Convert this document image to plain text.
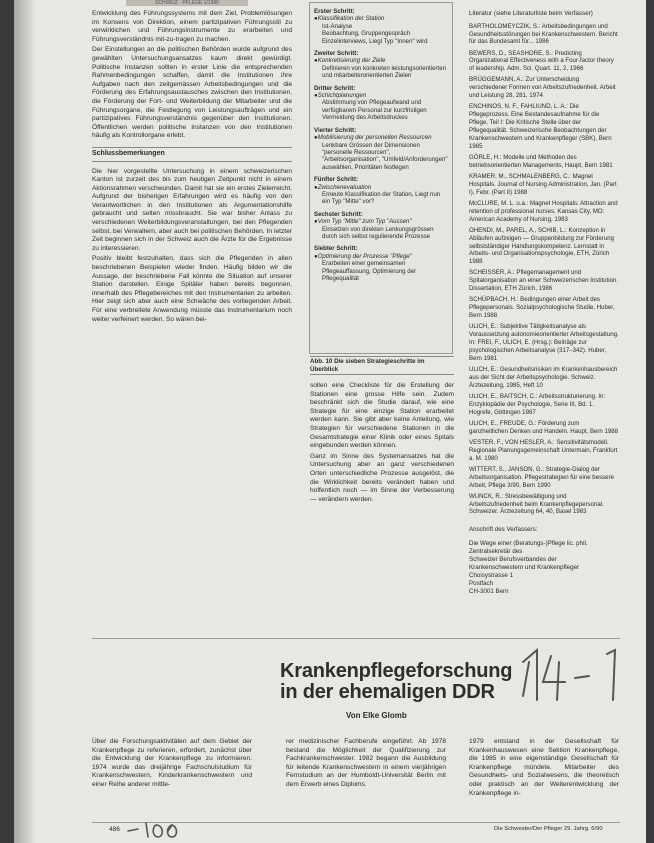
SCHWEIZ · PFLEGE 1/1990

Entwicklung des Führungssystems mit dem Ziel, Problemlösungen im Konsens von Direktion, einem partizipativen Führungsstil zu verwirklichen und Führungsinstrumente zu erarbeiten und Führungsverständnis mit-zu-tragen zu machen.

Der Einstellungen an die politischen Behörden wurde aufgrund des gewählten Untersuchungsansatzes kaum direkt gewürdigt. Politische Instanzen sollten in erster Linie die entsprechenden Rahmenbedingungen schaffen, damit die Institutionen ihre Aufgaben nach den zeitgemässen Arbeitsbedingungen und die Förderung des Erfahrungsaustausches zwischen den Institutionen, die Förderung der Fort- und Weiterbildung der Mitarbeiter und die Führungsorgane, die Festlegung von Leistungsaufträgen und ein partizipatives Führungsverständnis gegenüber den Institutionen. Öffentlichen werden politische Instanzen von den Institutionen häufig als Kontrollorgane erlebt.

Schlussbemerkungen

Die hier vorgestellte Untersuchung in einem schweizerischen Kanton ist zurzeit des bis zum heutigen Zeitpunkt nicht in einem Aktionsrahmen verschwunden. Damit hat sie ein erstes Zielerreicht. Aufgrund der bisherigen Erfahrungen wird es häufig von den Verantwortlichen in den Institutionen als Argumentationshilfe gebraucht und selten missbraucht. Sie war bisher Anlass zu verschiedenen Weiterbildungsveranstaltungen, bei den Pflegenden selbst, bei Verwaltern, aber auch bei politischen Behörden. In letzter Zeit beginnen sich in der Schweiz auch die Ärzte für die Ergebnisse zu interessieren.

Positiv bleibt festzuhalten, dass sich die Pflegenden in allen beschriebenen Beispielen wieder finden. Häufig bilden wir die Aussage, der beschriebene Fall könnte die Situation auf unserer Station darstellen. Einige Spitäler haben bereits begonnen, innerhalb des Pflegebereiches mit den Instrumentarien zu arbeiten. Hier zeigt sich aber auch eine Schwäche des vorliegenden Arbeit. Für eine verbreitete Anwendung müsste das Instrumentarium noch weiter verfeinert werden. So wären bei-

Erster Schritt:
● Klassifikation der Station
Ist-Analyse
Beobachtung, Gruppengespräch
Einzelinterviews, Liegl Typ "Innen" wird
Zweiter Schritt:
● Konkretisierung der Ziele
Definieren von konkreten leistungsorientierten und mitarbeiterorientierten Zielen
Dritter Schritt:
● Schichtplanungen
Abstimmung von Pflegeaufwand und verfügbarem Personal zur kurzfristigen Vermeidung des Arbeitsdruckes
Vierter Schritt:
● Mobilisierung der personellen Ressourcen
Lenkbare Grössen der Dimensionen "personelle Ressourcen", "Arbeitsorganisation", "Umfeld/Anforderungen" auswählen, Prioritäten festlegen
Fünfter Schritt:
● Zwischenevaluation
Erneute Klassifikation der Station, Liegt nun ein Typ "Mitte" vor?
Sechster Schritt:
● Vom Typ "Mitte" zum Typ "Aussen"
Einsetzen von direkten Lenkungsgrössen durch sich selbst regulierende Prozesse
Siebter Schritt:
● Optimierung der Prozesse "Pflege"
Erarbeiten einer gemeinsamen Pflegeauffassung, Optimierung der Pflegequalität
Abb. 10 Die sieben Strategieschritte im Überblick

sollen eine Checkliste für die Erstellung der Stationen eine grosse Hilfe sein. Zudem beschränkt sich die Studie darauf, wie eine Strategie für eine einzige Station erarbeitet werden kann. Sie gibt aber keine Anleitung, wie Strategien für verschiedene Stationen in die Gesamtstrategie einer Klinik oder eines Spitals eingebunden werden können.

Ganz im Sinne des Systemansatzes hat die Untersuchung aber an ganz verschiedenen Orten unterschiedliche Prozesse ausgelöst, die die Wirklichkeit bereits verändert haben und hoffentlich noch — im Sinne der Verbesserung — verändern werden.

Literatur (siehe Literaturliste beim Verfasser)
BARTHOLOMEYCZIK, S.: Arbeitsbedingungen und Gesundheitsstörungen bei Krankenschwestern. Bericht für das Bundesamt für... 1986
BEWERS, D., SEASHORE, S.: Predicting Organizational Effectiveness with a Four-factor theory of leadership. Adm. Sci. Quart. 11, 2, 1966
BRÜGGEMANN, A.: Zur Unterscheidung verschiedener Formen von Arbeitszufriedenheit. Arbeit und Leistung 28, 281, 1974
ENCHINOS, N. F., FAHLIUND, L. A.: Die Pflegeprozess. Eine Bestandesaufnahme für die Pflege, Teil I: Die Kritische Stelle über der Pflegequalität. Schweizerische Beobachtungen der Krankenschwestern und Krankenpfleger (SBK), Bern 1985
GÖRLE, H.: Modelle und Methoden des betriebsorientierten Managements, Haupt, Bern 1981
KRAMER, M., SCHMALENBERG, C.: Magnet Hospitals. Journal of Nursing Administration, Jan. (Part I), Febr. (Part II) 1988
McCLURE, M. L. u.a.: Magnet Hospitals: Attraction and retention of professional nurses. Kansas City, MO: American Academy of Nursing, 1983
OHENDI, M., PAREL, A., SCHIB, L.: Konzeption in Abläufen aufzeigen — Gruppenbildung zur Förderung selbstständiger Handlungskompetenz. Lernstatt in Arbeits- und Organisationspsychologie, ETH, Zürich 1988
SCHEISSER, A.: Pflegemanagement und Spitalorganisation an einer Schweizerischen Institution. Dissertation, ETH Zürich, 1986
SCHÜPBACH, H.: Bedingungen einer Arbeit des Pflegepersonals. Sozialpsychologische Studie, Huber, Bern 1988
ULICH, E.: Subjektive Tätigkeitsanalyse als Voraussetzung autonomieorientierter Arbeitsgestaltung. In: FREI, F., ULICH, E. (Hrsg.): Beiträge zur psychologischen Arbeitsanalyse (317–342). Huber, Bern 1981
ULICH, E.: Gesundheitsrisiken im Krankenhausbereich aus der Sicht der Arbeitspsychologie. Schweiz. Ärztezeitung, 1985, Heft 10
ULICH, E., BAITSCH, C.: Arbeitsstrukturierung. In: Enzyklopädie der Psychologie, Serie III, Bd. 1. Hogrefe, Göttingen 1987
ULICH, E., FREUDE, G.: Förderung zum ganzheitlichen Denken und Handeln. Haupt, Bern 1988
VESTER, F., VON HESLER, A.: Sensitivitätsmodell. Regionale Planungsgemeinschaft Untermain, Frankfurt a. M. 1980
WITTERT, S., JANSON, G.: Strategie-Dialog der Arbeitsorganisation. Pflegestrategien für eine bessere Arbeit, Pflege 3/90, Bern 1990
WUNCK, R.: Stressbewältigung und Arbeitszufriedenheit beim Krankenpflegepersonal. Schweizer. Ärztezeitung 64, 40, Basel 1983
Anschrift des Verfassers:
Die Wege einer (Beratungs-)Pflege lic. phil.
Zentralsekretär des
Schweizer Berufsverbandes der
Krankenschwestern und Krankenpfleger
Choisystrasse 1
Postfach
CH-3001 Bern
Krankenpflegeforschung
in der ehemaligen DDR
Von Elke Glomb

Über die Forschungsaktivitäten auf dem Gebiet der Krankenpflege zu referieren, erfordert, zunächst über die Entwicklung der Krankenpflege zu informieren. 1974 wurde das dreijährige Fachschulstudium für Krankenschwestern, Kinderkrankenschwestern und einer Reihe anderer mittle-

rer medizinischer Fachberufe eingeführt. Ab 1978 bestand die Möglichkeit der Qualifizierung zur Fachkrankenschwester. 1982 begann die Ausbildung für leitende Krankenschwestern in einem vierjährigen Fernstudium an der Humboldt-Universität Berlin mit dem Erwerb eines Diploms.

1979 entstand in der Gesellschaft für Krankenhauswesen eine Sektion Krankenpflege, die 1985 in eine eigenständige Gesellschaft für Krankenpflege mündete. Mitarbeiter des Gesundheits- und Sozialwesens, die theoretisch oder praktisch an der Weiterentwicklung der Krankenpflege in-

486	Die Schwester/Der Pfleger 29. Jahrg. 6/90
